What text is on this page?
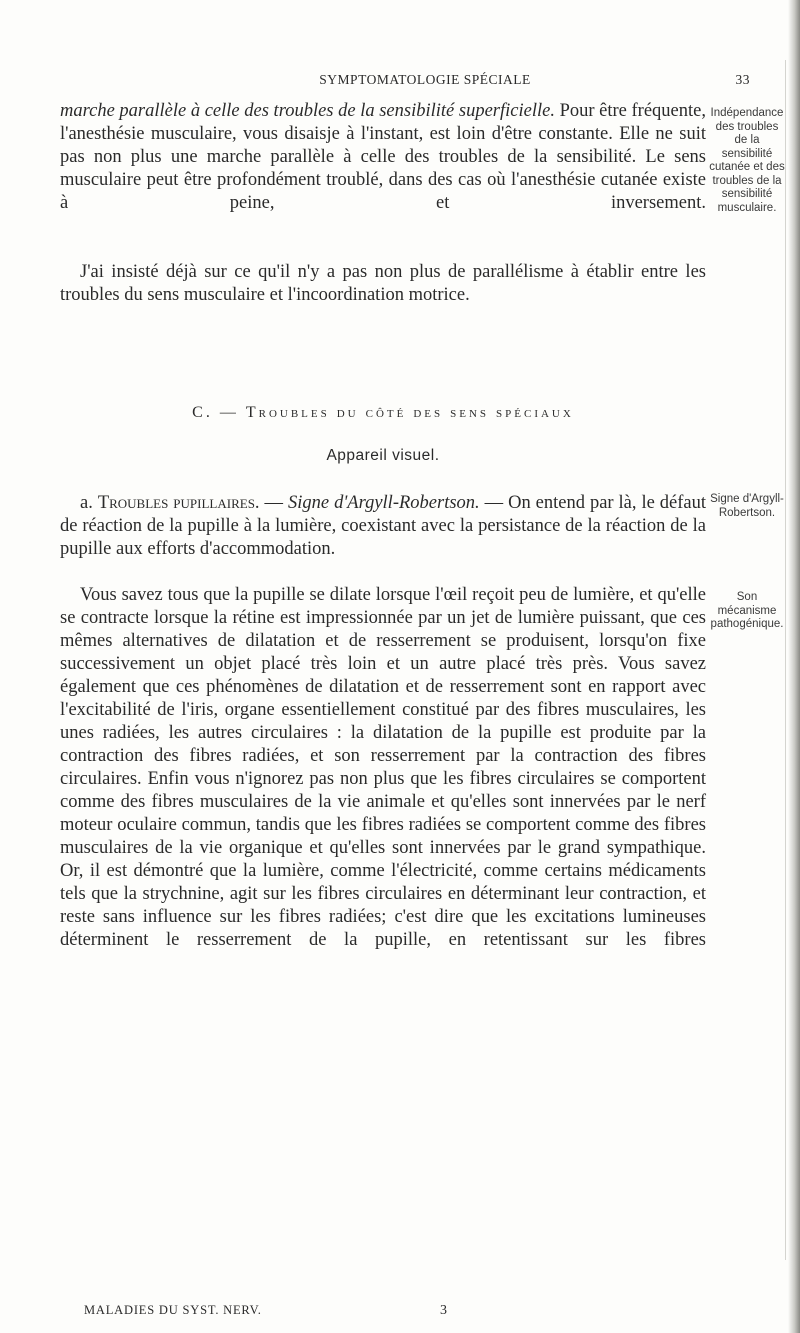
SYMPTOMATOLOGIE SPÉCIALE	33

marche parallèle à celle des troubles de la sensibilité superficielle. Pour être fréquente, l'anesthésie musculaire, vous disaisje à l'instant, est loin d'être constante. Elle ne suit pas non plus une marche parallèle à celle des troubles de la sensibilité. Le sens musculaire peut être profondément troublé, dans des cas où l'anesthésie cutanée existe à peine, et inversement.

J'ai insisté déjà sur ce qu'il n'y a pas non plus de parallélisme à établir entre les troubles du sens musculaire et l'incoordination motrice.

C. — Troubles du côté des sens spéciaux
Appareil visuel.

a. Troubles pupillaires. — Signe d'Argyll-Robertson. — On entend par là, le défaut de réaction de la pupille à la lumière, coexistant avec la persistance de la réaction de la pupille aux efforts d'accommodation.

Vous savez tous que la pupille se dilate lorsque l'œil reçoit peu de lumière, et qu'elle se contracte lorsque la rétine est impressionnée par un jet de lumière puissant, que ces mêmes alternatives de dilatation et de resserrement se produisent, lorsqu'on fixe successivement un objet placé très loin et un autre placé très près. Vous savez également que ces phénomènes de dilatation et de resserrement sont en rapport avec l'excitabilité de l'iris, organe essentiellement constitué par des fibres musculaires, les unes radiées, les autres circulaires : la dilatation de la pupille est produite par la contraction des fibres radiées, et son resserrement par la contraction des fibres circulaires. Enfin vous n'ignorez pas non plus que les fibres circulaires se comportent comme des fibres musculaires de la vie animale et qu'elles sont innervées par le nerf moteur oculaire commun, tandis que les fibres radiées se comportent comme des fibres musculaires de la vie organique et qu'elles sont innervées par le grand sympathique. Or, il est démontré que la lumière, comme l'électricité, comme certains médicaments tels que la strychnine, agit sur les fibres circulaires en déterminant leur contraction, et reste sans influence sur les fibres radiées; c'est dire que les excitations lumineuses déterminent le resserrement de la pupille, en retentissant sur les fibres

Indépendance des troubles de la sensibilité cutanée et des troubles de la sensibilité musculaire.
Signe d'Argyll-Robertson.
Son mécanisme pathogénique.
MALADIES DU SYST. NERV.	3
